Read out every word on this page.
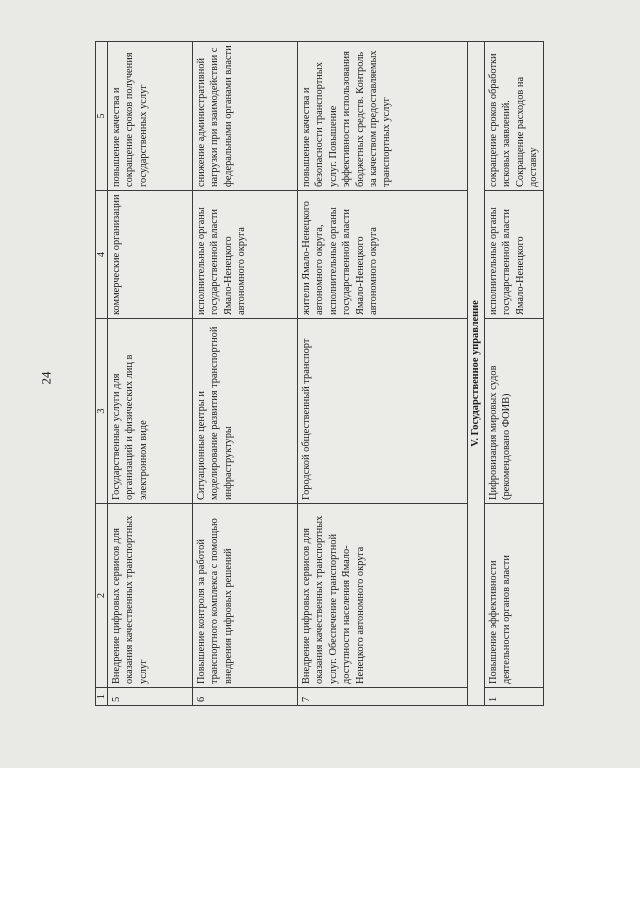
24
1	2	3	4	5
5	Внедрение цифровых сервисов для оказания качественных транспортных услуг	Государственные услуги для организаций и физических лиц в электронном виде	коммерческие организации	повышение качества и сокращение сроков получения государственных услуг
6	Повышение контроля за работой транспортного комплекса с помощью внедрения цифровых решений	Ситуационные центры и моделирование развития транспортной инфраструктуры	исполнительные органы государственной власти Ямало-Ненецкого автономного округа	снижение административной нагрузки при взаимодействии с федеральными органами власти
7	Внедрение цифровых сервисов для оказания качественных транспортных услуг. Обеспечение транспортной доступности населения Ямало-Ненецкого автономного округа	Городской общественный транспорт	жители Ямало-Ненецкого автономного округа, исполнительные органы государственной власти Ямало-Ненецкого автономного округа	повышение качества и безопасности транспортных услуг. Повышение эффективности использования бюджетных средств. Контроль за качеством предоставляемых транспортных услуг
V. Государственное управление				
1	Повышение эффективности деятельности органов власти	Цифровизация мировых судов (рекомендовано ФОИВ)	исполнительные органы государственной власти Ямало-Ненецкого	сокращение сроков обработки исковых заявлений. Сокращение расходов на доставку
